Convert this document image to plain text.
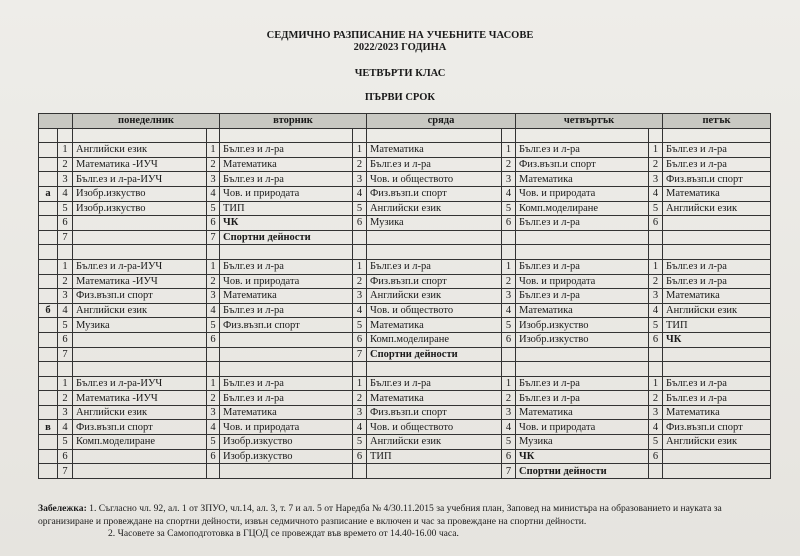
СЕДМИЧНО РАЗПИСАНИЕ НА УЧЕБНИТЕ ЧАСОВЕ
2022/2023 ГОДИНА
ЧЕТВЪРТИ КЛАС
ПЪРВИ СРОК
		понеделник		вторник		сряда		четвъртък		петък

	1	Английски език	1	Бълг.ез и л-ра	1	Математика	1	Бълг.ез и л-ра	1	Бълг.ез и л-ра
	2	Математика -ИУЧ	2	Математика	2	Бълг.ез и л-ра	2	Физ.възп.и спорт	2	Бълг.ез и л-ра
	3	Бълг.ез и л-ра-ИУЧ	3	Бълг.ез и л-ра	3	Чов. и обществото	3	Математика	3	Физ.възп.и спорт
а	4	Изобр.изкуство	4	Чов. и природата	4	Физ.възп.и спорт	4	Чов. и природата	4	Математика
	5	Изобр.изкуство	5	ТИП	5	Английски език	5	Комп.моделиране	5	Английски език
	6		6	ЧК	6	Музика	6	Бълг.ез и л-ра	6	
	7		7	Спортни дейности						

	1	Бълг.ез и л-ра-ИУЧ	1	Бълг.ез и л-ра	1	Бълг.ез и л-ра	1	Бълг.ез и л-ра	1	Бълг.ез и л-ра
	2	Математика -ИУЧ	2	Чов. и природата	2	Физ.възп.и спорт	2	Чов. и природата	2	Бълг.ез и л-ра
	3	Физ.възп.и спорт	3	Математика	3	Английски език	3	Бълг.ез и л-ра	3	Математика
б	4	Английски език	4	Бълг.ез и л-ра	4	Чов. и обществото	4	Математика	4	Английски език
	5	Музика	5	Физ.възп.и спорт	5	Математика	5	Изобр.изкуство	5	ТИП
	6		6		6	Комп.моделиране	6	Изобр.изкуство	6	ЧК
	7				7	Спортни дейности				

	1	Бълг.ез и л-ра-ИУЧ	1	Бълг.ез и л-ра	1	Бълг.ез и л-ра	1	Бълг.ез и л-ра	1	Бълг.ез и л-ра
	2	Математика -ИУЧ	2	Бълг.ез и л-ра	2	Математика	2	Бълг.ез и л-ра	2	Бълг.ез и л-ра
	3	Английски език	3	Математика	3	Физ.възп.и спорт	3	Математика	3	Математика
в	4	Физ.възп.и спорт	4	Чов. и природата	4	Чов. и обществото	4	Чов. и природата	4	Физ.възп.и спорт
	5	Комп.моделиране	5	Изобр.изкуство	5	Английски език	5	Музика	5	Английски език
	6		6	Изобр.изкуство	6	ТИП	6	ЧК	6	
	7						7	Спортни дейности		
Забележка: 1. Съгласно чл. 92, ал. 1 от ЗПУО, чл.14, ал. 3, т. 7 и ал. 5 от Наредба № 4/30.11.2015 за учебния план, Заповед на министъра на образованието и науката за организиране и провеждане на спортни дейности, извън седмичното разписание е включен и час за провеждане на спортни дейности.
2. Часовете за Самоподготовка в ГЦОД се провеждат във времето от 14.40-16.00 часа.
